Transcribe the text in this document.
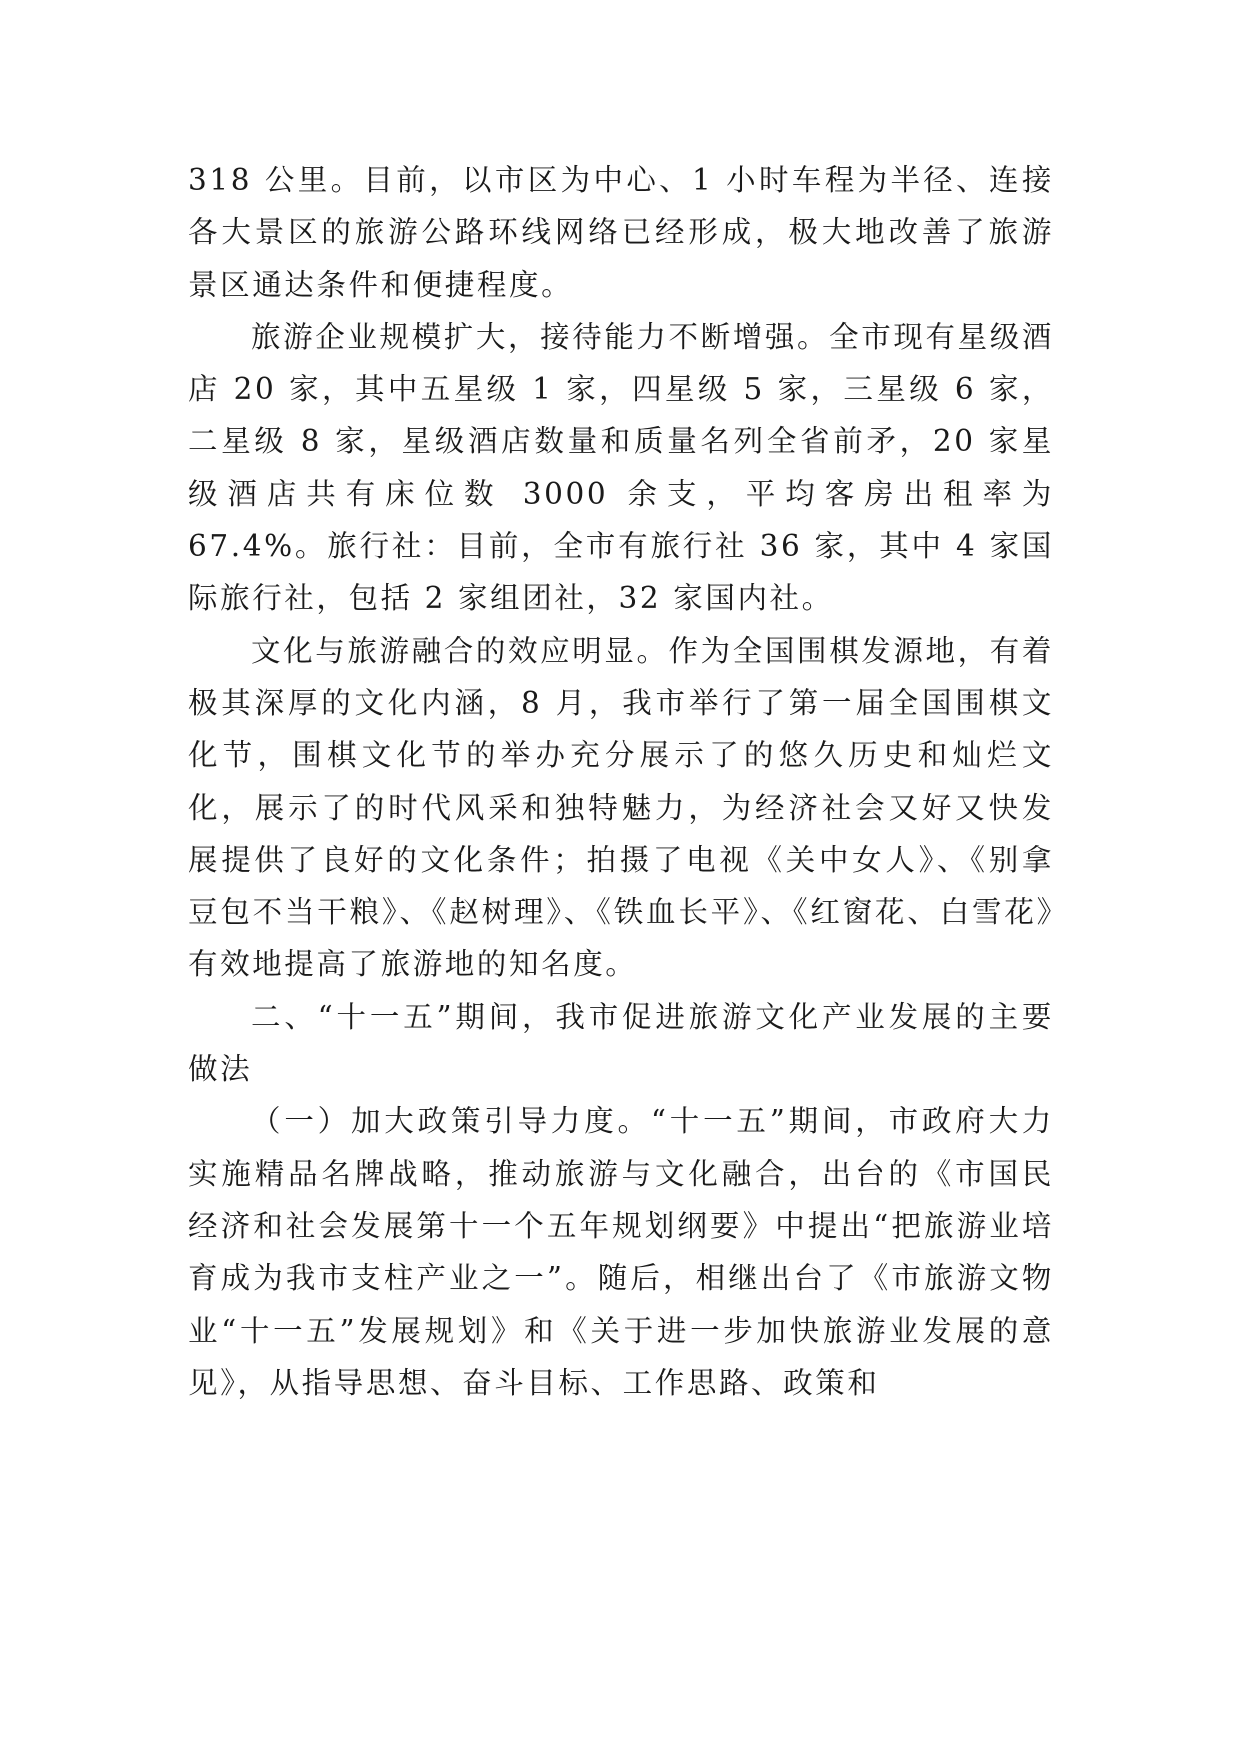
318 公里。目前，以市区为中心、1 小时车程为半径、连接各大景区的旅游公路环线网络已经形成，极大地改善了旅游景区通达条件和便捷程度。

旅游企业规模扩大，接待能力不断增强。全市现有星级酒店 20 家，其中五星级 1 家，四星级 5 家，三星级 6 家，二星级 8 家，星级酒店数量和质量名列全省前矛，20 家星级酒店共有床位数 3000 余支，平均客房出租率为 67.4%。旅行社：目前，全市有旅行社 36 家，其中 4 家国际旅行社，包括 2 家组团社，32 家国内社。

文化与旅游融合的效应明显。作为全国围棋发源地，有着极其深厚的文化内涵，8 月，我市举行了第一届全国围棋文化节，围棋文化节的举办充分展示了的悠久历史和灿烂文化，展示了的时代风采和独特魅力，为经济社会又好又快发展提供了良好的文化条件；拍摄了电视《关中女人》、《别拿豆包不当干粮》、《赵树理》、《铁血长平》、《红窗花、白雪花》有效地提高了旅游地的知名度。

二、“十一五”期间，我市促进旅游文化产业发展的主要做法

（一）加大政策引导力度。“十一五”期间，市政府大力实施精品名牌战略，推动旅游与文化融合，出台的《市国民经济和社会发展第十一个五年规划纲要》中提出“把旅游业培育成为我市支柱产业之一”。随后，相继出台了《市旅游文物业“十一五”发展规划》和《关于进一步加快旅游业发展的意见》，从指导思想、奋斗目标、工作思路、政策和
